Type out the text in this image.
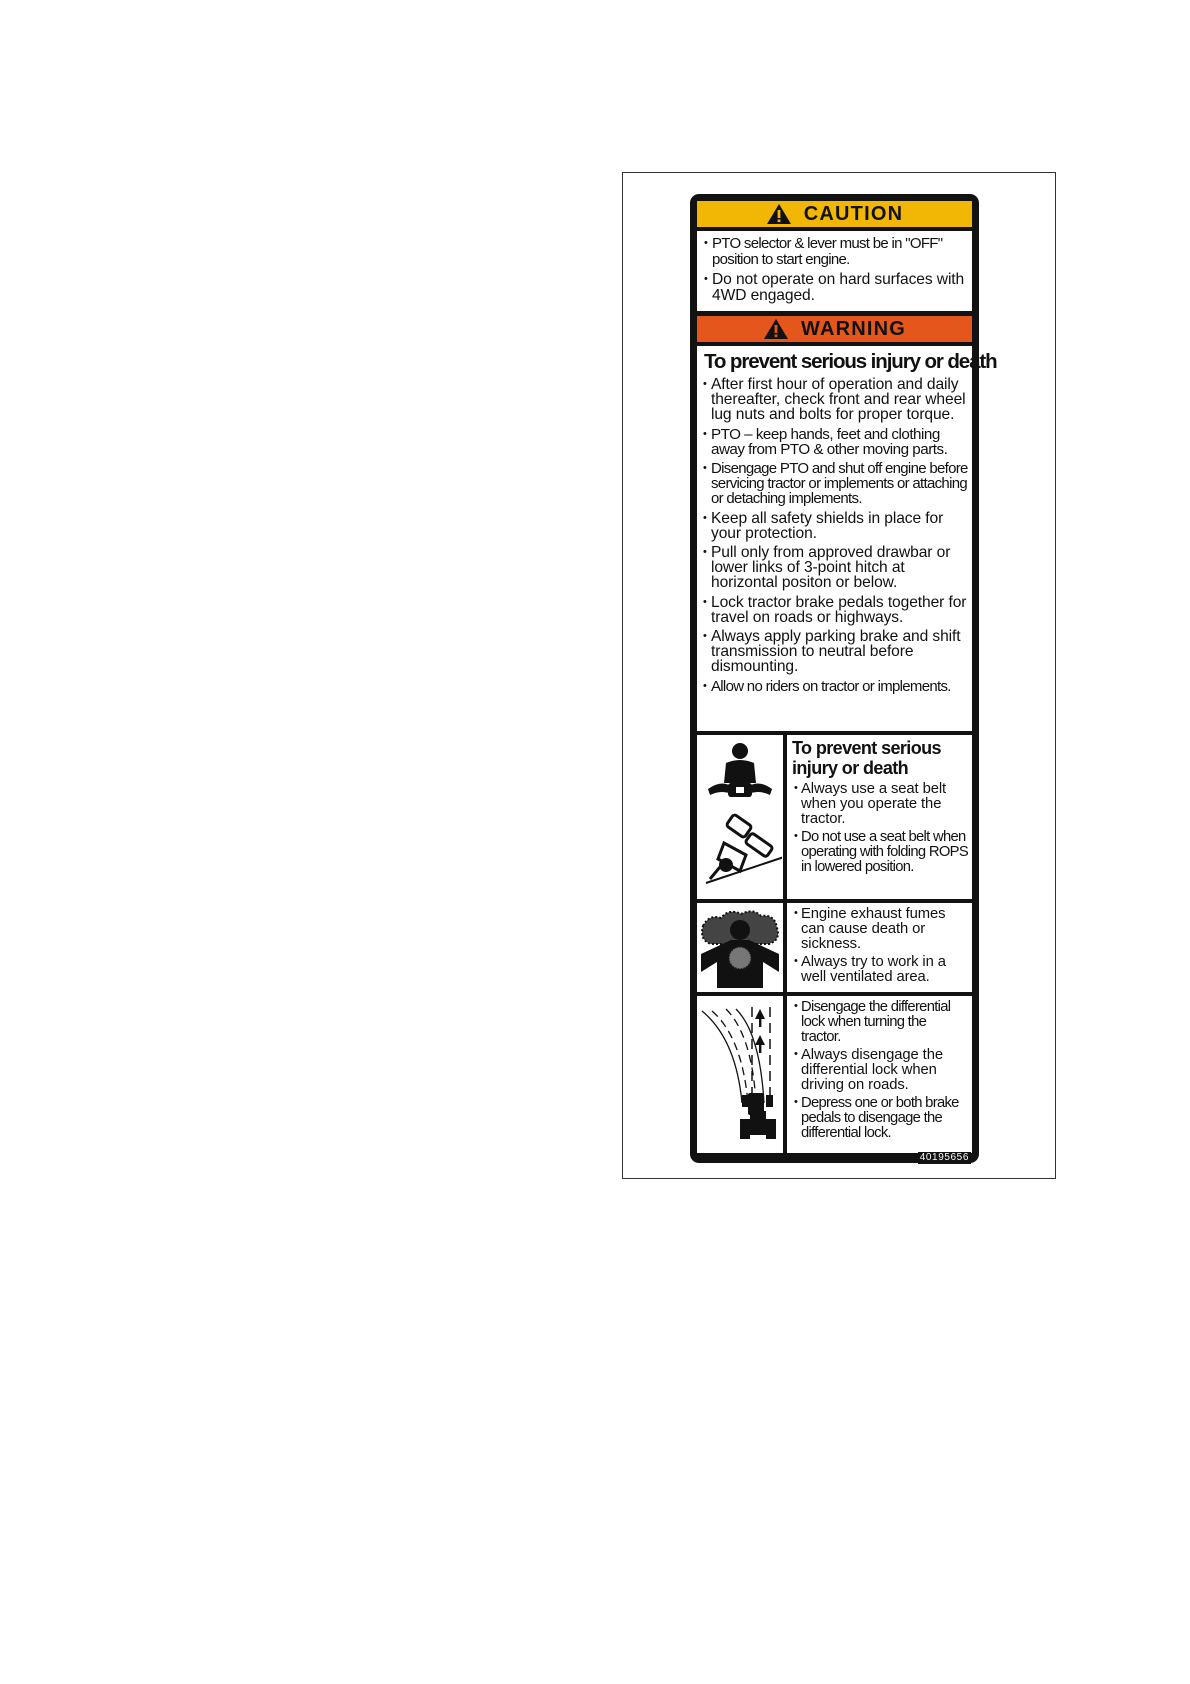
CAUTION
• PTO selector & lever must be in "OFF" position to start engine.
• Do not operate on hard surfaces with 4WD engaged.
WARNING
To prevent serious injury or death
• After first hour of operation and daily thereafter, check front and rear wheel lug nuts and bolts for proper torque.
• PTO – keep hands, feet and clothing away from PTO & other moving parts.
• Disengage PTO and shut off engine before servicing tractor or implements or attaching or detaching implements.
• Keep all safety shields in place for your protection.
• Pull only from approved drawbar or lower links of 3-point hitch at horizontal positon or below.
• Lock tractor brake pedals together for travel on roads or highways.
• Always apply parking brake and shift transmission to neutral before dismounting.
• Allow no riders on tractor or implements.
To prevent serious injury or death
• Always use a seat belt when you operate the tractor.
• Do not use a seat belt when operating with folding ROPS in lowered position.
• Engine exhaust fumes can cause death or sickness.
• Always try to work in a well ventilated area.
• Disengage the differential lock when turning the tractor.
• Always disengage the differential lock when driving on roads.
• Depress one or both brake pedals to disengage the differential lock.
40195656
